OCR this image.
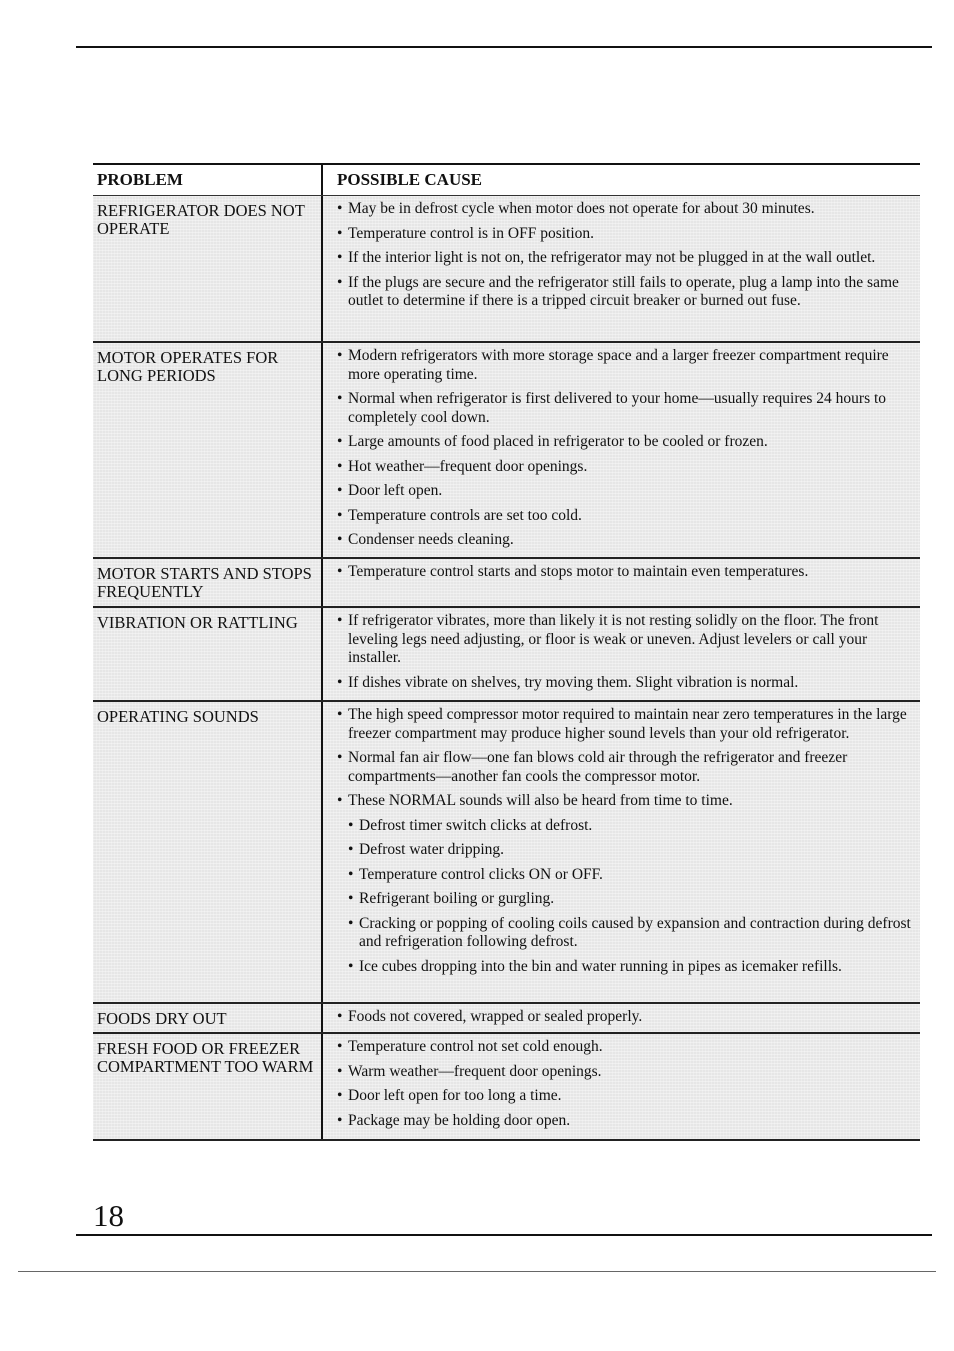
PROBLEM	POSSIBLE CAUSE
REFRIGERATOR DOES NOT OPERATE
• May be in defrost cycle when motor does not operate for about 30 minutes.
• Temperature control is in OFF position.
• If the interior light is not on, the refrigerator may not be plugged in at the wall outlet.
• If the plugs are secure and the refrigerator still fails to operate, plug a lamp into the same outlet to determine if there is a tripped circuit breaker or burned out fuse.
MOTOR OPERATES FOR LONG PERIODS
• Modern refrigerators with more storage space and a larger freezer compartment require more operating time.
• Normal when refrigerator is first delivered to your home—usually requires 24 hours to completely cool down.
• Large amounts of food placed in refrigerator to be cooled or frozen.
• Hot weather—frequent door openings.
• Door left open.
• Temperature controls are set too cold.
• Condenser needs cleaning.
MOTOR STARTS AND STOPS FREQUENTLY
• Temperature control starts and stops motor to maintain even temperatures.
VIBRATION OR RATTLING	• If refrigerator vibrates, more than likely it is not resting solidly on the floor. The front leveling legs need adjusting, or floor is weak or uneven. Adjust levelers or call your installer.
• If dishes vibrate on shelves, try moving them. Slight vibration is normal.
OPERATING SOUNDS	• The high speed compressor motor required to maintain near zero temperatures in the large freezer compartment may produce higher sound levels than your old refrigerator.
• Normal fan air flow—one fan blows cold air through the refrigerator and freezer compartments—another fan cools the compressor motor.
• These NORMAL sounds will also be heard from time to time.
• Defrost timer switch clicks at defrost.
• Defrost water dripping.
• Temperature control clicks ON or OFF.
• Refrigerant boiling or gurgling.
• Cracking or popping of cooling coils caused by expansion and contraction during defrost and refrigeration following defrost.
• Ice cubes dropping into the bin and water running in pipes as icemaker refills.
FOODS DRY OUT	• Foods not covered, wrapped or sealed properly.
FRESH FOOD OR FREEZER COMPARTMENT TOO WARM
• Temperature control not set cold enough.
• Warm weather—frequent door openings.
• Door left open for too long a time.
• Package may be holding door open.
18
